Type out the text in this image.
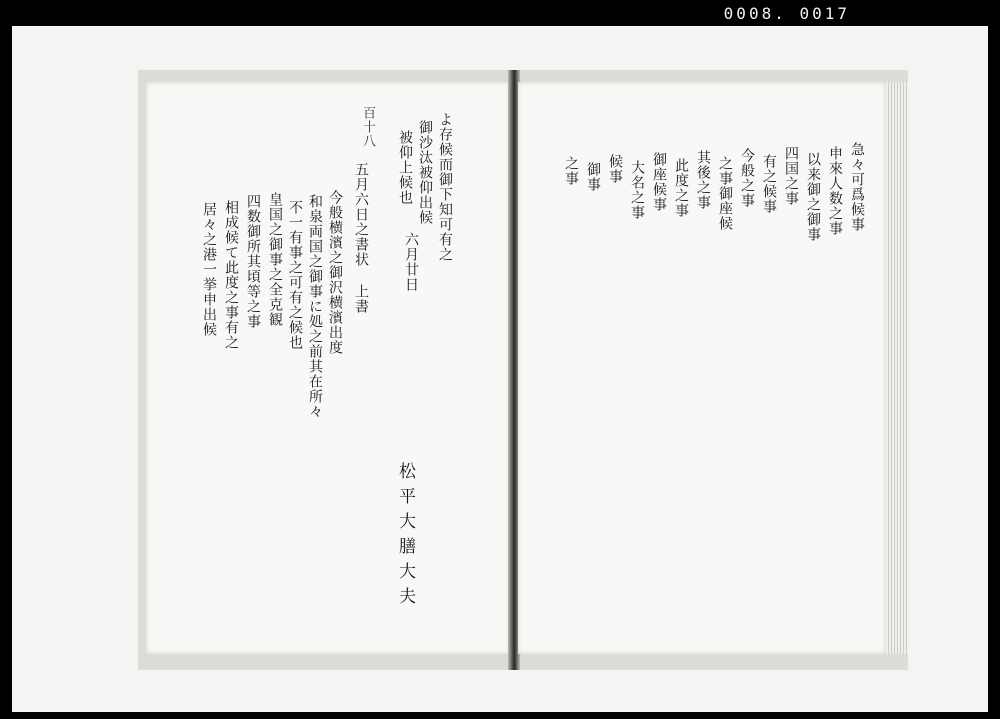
0008. 0017
百十八
五月六日之書状 上書
今般横濱之御沢横濱出度
和泉両国之御事に処之前其在所々
不一有事之可有之候也
皇国之御事之全克観
四数御所其頃等之事
相成候て此度之事有之
居々之港一挙申出候
よ存候而御下知可有之
御沙汰被仰出候
被仰上候也
六月廿日
松平大膳大夫
急々可爲候事
申來人数之事
以来御之御事
四国之事
有之候事
今般之事
之事御座候
其後之事
此度之事
御座候事
大名之事
候事
御事
之事
